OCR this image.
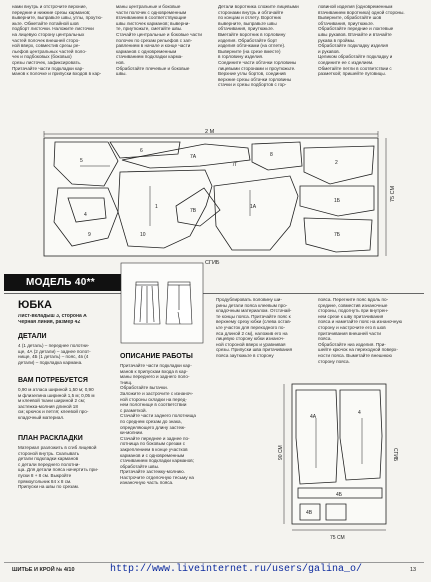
нами внутрь и отстрочите верхние,
передние и нижние срезы карманов;
выверните, выправьте швы, углы, проутю-
жьте. Обметайте потайной шов
подборт листочки. Наложите листочки
на лицевую сторону центральных
частей полочек внешней сторо-
ной вверх, совместив срезы ре-
льефов центральных частей поло-
чек и подбоковых (боковых)
срезы листочек, зафиксировать.
Притачайте части подкладки кар-
манов к полочке и припуски входов в кар-
маны центральные и боковые
части полочек с одновременным
втачиванием в соответствующие
швы листочек карманов; выверни-
те, приутюжьте, сметайте швы.
Стачайте центральные и боковые части
полочек по срезам рельефов с зап-
равлением в начале и конце части
карманов с одновременным
стачиванием подкладки карма-
нов.
Обработайте плечевые и боковые
швы.
Детали воротника сложите лицевыми
сторонами внутрь и обтачайте
по концам и отлету. Воротник
выверните, выправьте швы
обтачивания, приутюжьте.
Вметайте воротник в горловину
изделия. Обработайте борт
изделия обтачками (на отлете).
Выверните (на срезе вместе)
в горловину изделия.
Соедините части обтачки горловины
лицевыми сторонами и проутюжьте.
Верхние углы бортов, соединив
верхние срезы обтачки горловины
стачки и срезы подбортов с гор-
ловиной изделия (одновременным
втачиванием воротника) одной стороны.
Выверните, обработайте шов
обтачивания, приутюжьте.
Обработайте передние и локтевые
швы рукавов. Втачайте и втачайте
рукава в проймы.
Обработайте подкладку изделия
и рукавов.
Целиком обработайте подкладку и
соедините ее с изделием.
Обметайте петли в соответствии с
разметкой; пришейте пуговицы.
2 М
75 СМ
СГИБ
5
6
7А	8
4
1	1А
2
1Б
7Б
7В
7Г
9	10
МОДЕЛЬ 40**
ЮБКА
Лист-вкладыш 3, сторона А
Черная линия, размер 42
ДЕТАЛИ
4 (1 деталь) – переднее полотни-
ще, 4А (2 детали) – заднее полот-
нище, 4Б (1 деталь) – пояс, 4в (4
детали) – подкладка кармана.
ВАМ ПОТРЕБУЕТСЯ
0,90 м атласа шириной 1,50 м; 0,90
м флизелина шириной 1,5 м; 0,05 м
м клеевой ткани шириной 2 см;
застежка-молния длиной 18
см; крючок и петля; клеевой про-
кладочный материал.
ПЛАН РАСКЛАДКИ
Материал разложить в сгиб лицевой
стороной внутрь. Скалывать
детали подкладки карманов
с детали переднего полотни-
ща. Для детали пояса начертить при-
пуски 8 + 8 см. Выкройте
прямоугольник 84 х 8 см.
Припуски на швы по срезам.
ОПИСАНИЕ РАБОТЫ
Притачайте части подкладки кар-
манов к припускам входа в кар-
маны переднего и заднего поло-
тнищ.
Обработайте вытачки.
Заложите и застрочите с изнаноч-
ной стороны складки на перед-
нем полотнище в соответствии
с разметкой.
Стачайте части заднего полотнища
по среднем срезам до знака,
определяющего длину застеж-
ки-молнии.
Стачайте переднее и заднее по-
лотнища по боковым срезам с
закреплением в конце участков
карманов и с одновременным
стачиванием подкладки карманов;
обработайте швы.
Притачайте застежку-молнию.
Настрочите отделочную тесьму на
изнаночную часть пояса.
Продублировать половину ши-
рины детали пояса клеевым про-
кладочным материалом. Отстачай-
те концы пояса. Притачайте пояс к
верхнему срезу юбки (слева остав-
ьте участок для переходного по-
яса длиной 2 см), наложив его на
лицевую сторону юбки изнаноч-
ной стороной вверх и уравнивая
срезы. Припуски шва притачивания
пояса заутюжьте в сторону
пояса. Перегните пояс вдоль по-
средине, совместив изнаночные
стороны, подогнуть при внутрен-
нем срезе к шву притачивания
пояса и наметайте пояс на изнаночную
сторону и настрочите его в шов
притачивания внешней части
пояса.
Обработайте низ изделия. При-
шейте крючок на переходной поверх-
ности пояса. Выметайте внешнюю
сторону пояса.
4А
4
4Б
4В
90 СМ
75 СМ
СГИБ
ШИТЬЕ И КРОЙ № 4/10	http://www.liveinternet.ru/users/galina_o/	13
